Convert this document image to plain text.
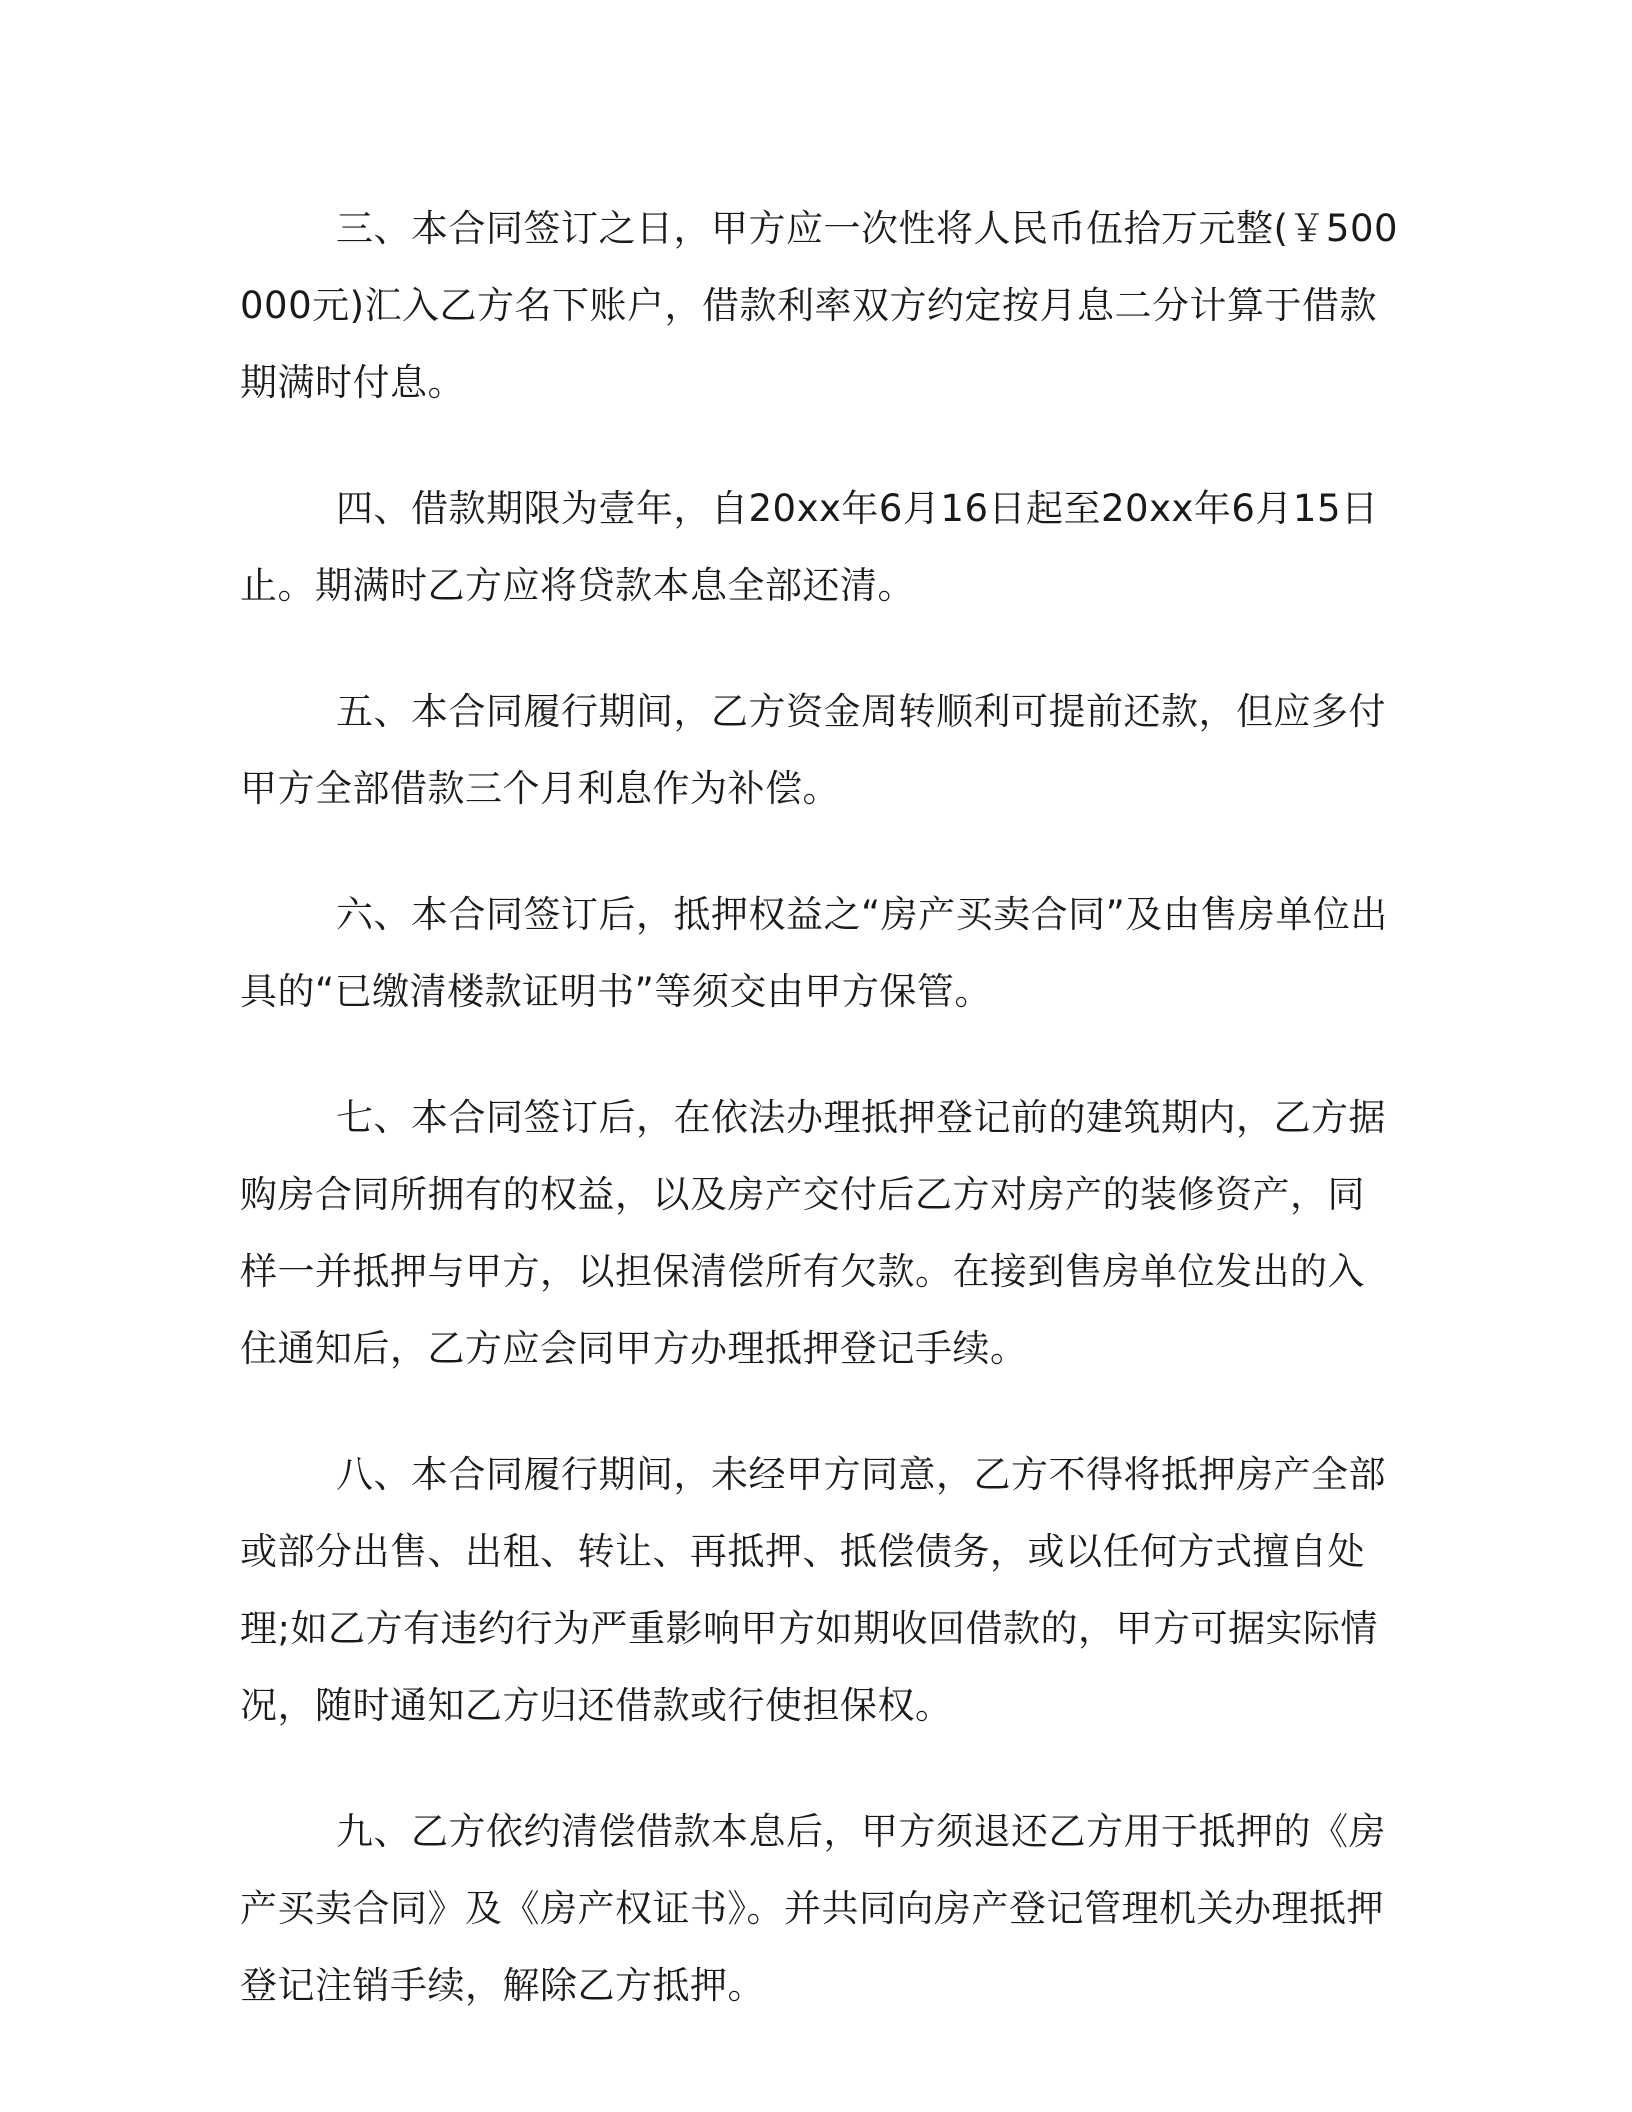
三、本合同签订之日，甲方应一次性将人民币伍拾万元整(￥500000元)汇入乙方名下账户，借款利率双方约定按月息二分计算于借款期满时付息。

四、借款期限为壹年，自20xx年6月16日起至20xx年6月15日止。期满时乙方应将贷款本息全部还清。

五、本合同履行期间，乙方资金周转顺利可提前还款，但应多付甲方全部借款三个月利息作为补偿。

六、本合同签订后，抵押权益之“房产买卖合同”及由售房单位出具的“已缴清楼款证明书”等须交由甲方保管。

七、本合同签订后，在依法办理抵押登记前的建筑期内，乙方据购房合同所拥有的权益，以及房产交付后乙方对房产的装修资产，同样一并抵押与甲方，以担保清偿所有欠款。在接到售房单位发出的入住通知后，乙方应会同甲方办理抵押登记手续。

八、本合同履行期间，未经甲方同意，乙方不得将抵押房产全部或部分出售、出租、转让、再抵押、抵偿债务，或以任何方式擅自处理;如乙方有违约行为严重影响甲方如期收回借款的，甲方可据实际情况，随时通知乙方归还借款或行使担保权。

九、乙方依约清偿借款本息后，甲方须退还乙方用于抵押的《房产买卖合同》及《房产权证书》。并共同向房产登记管理机关办理抵押登记注销手续，解除乙方抵押。
